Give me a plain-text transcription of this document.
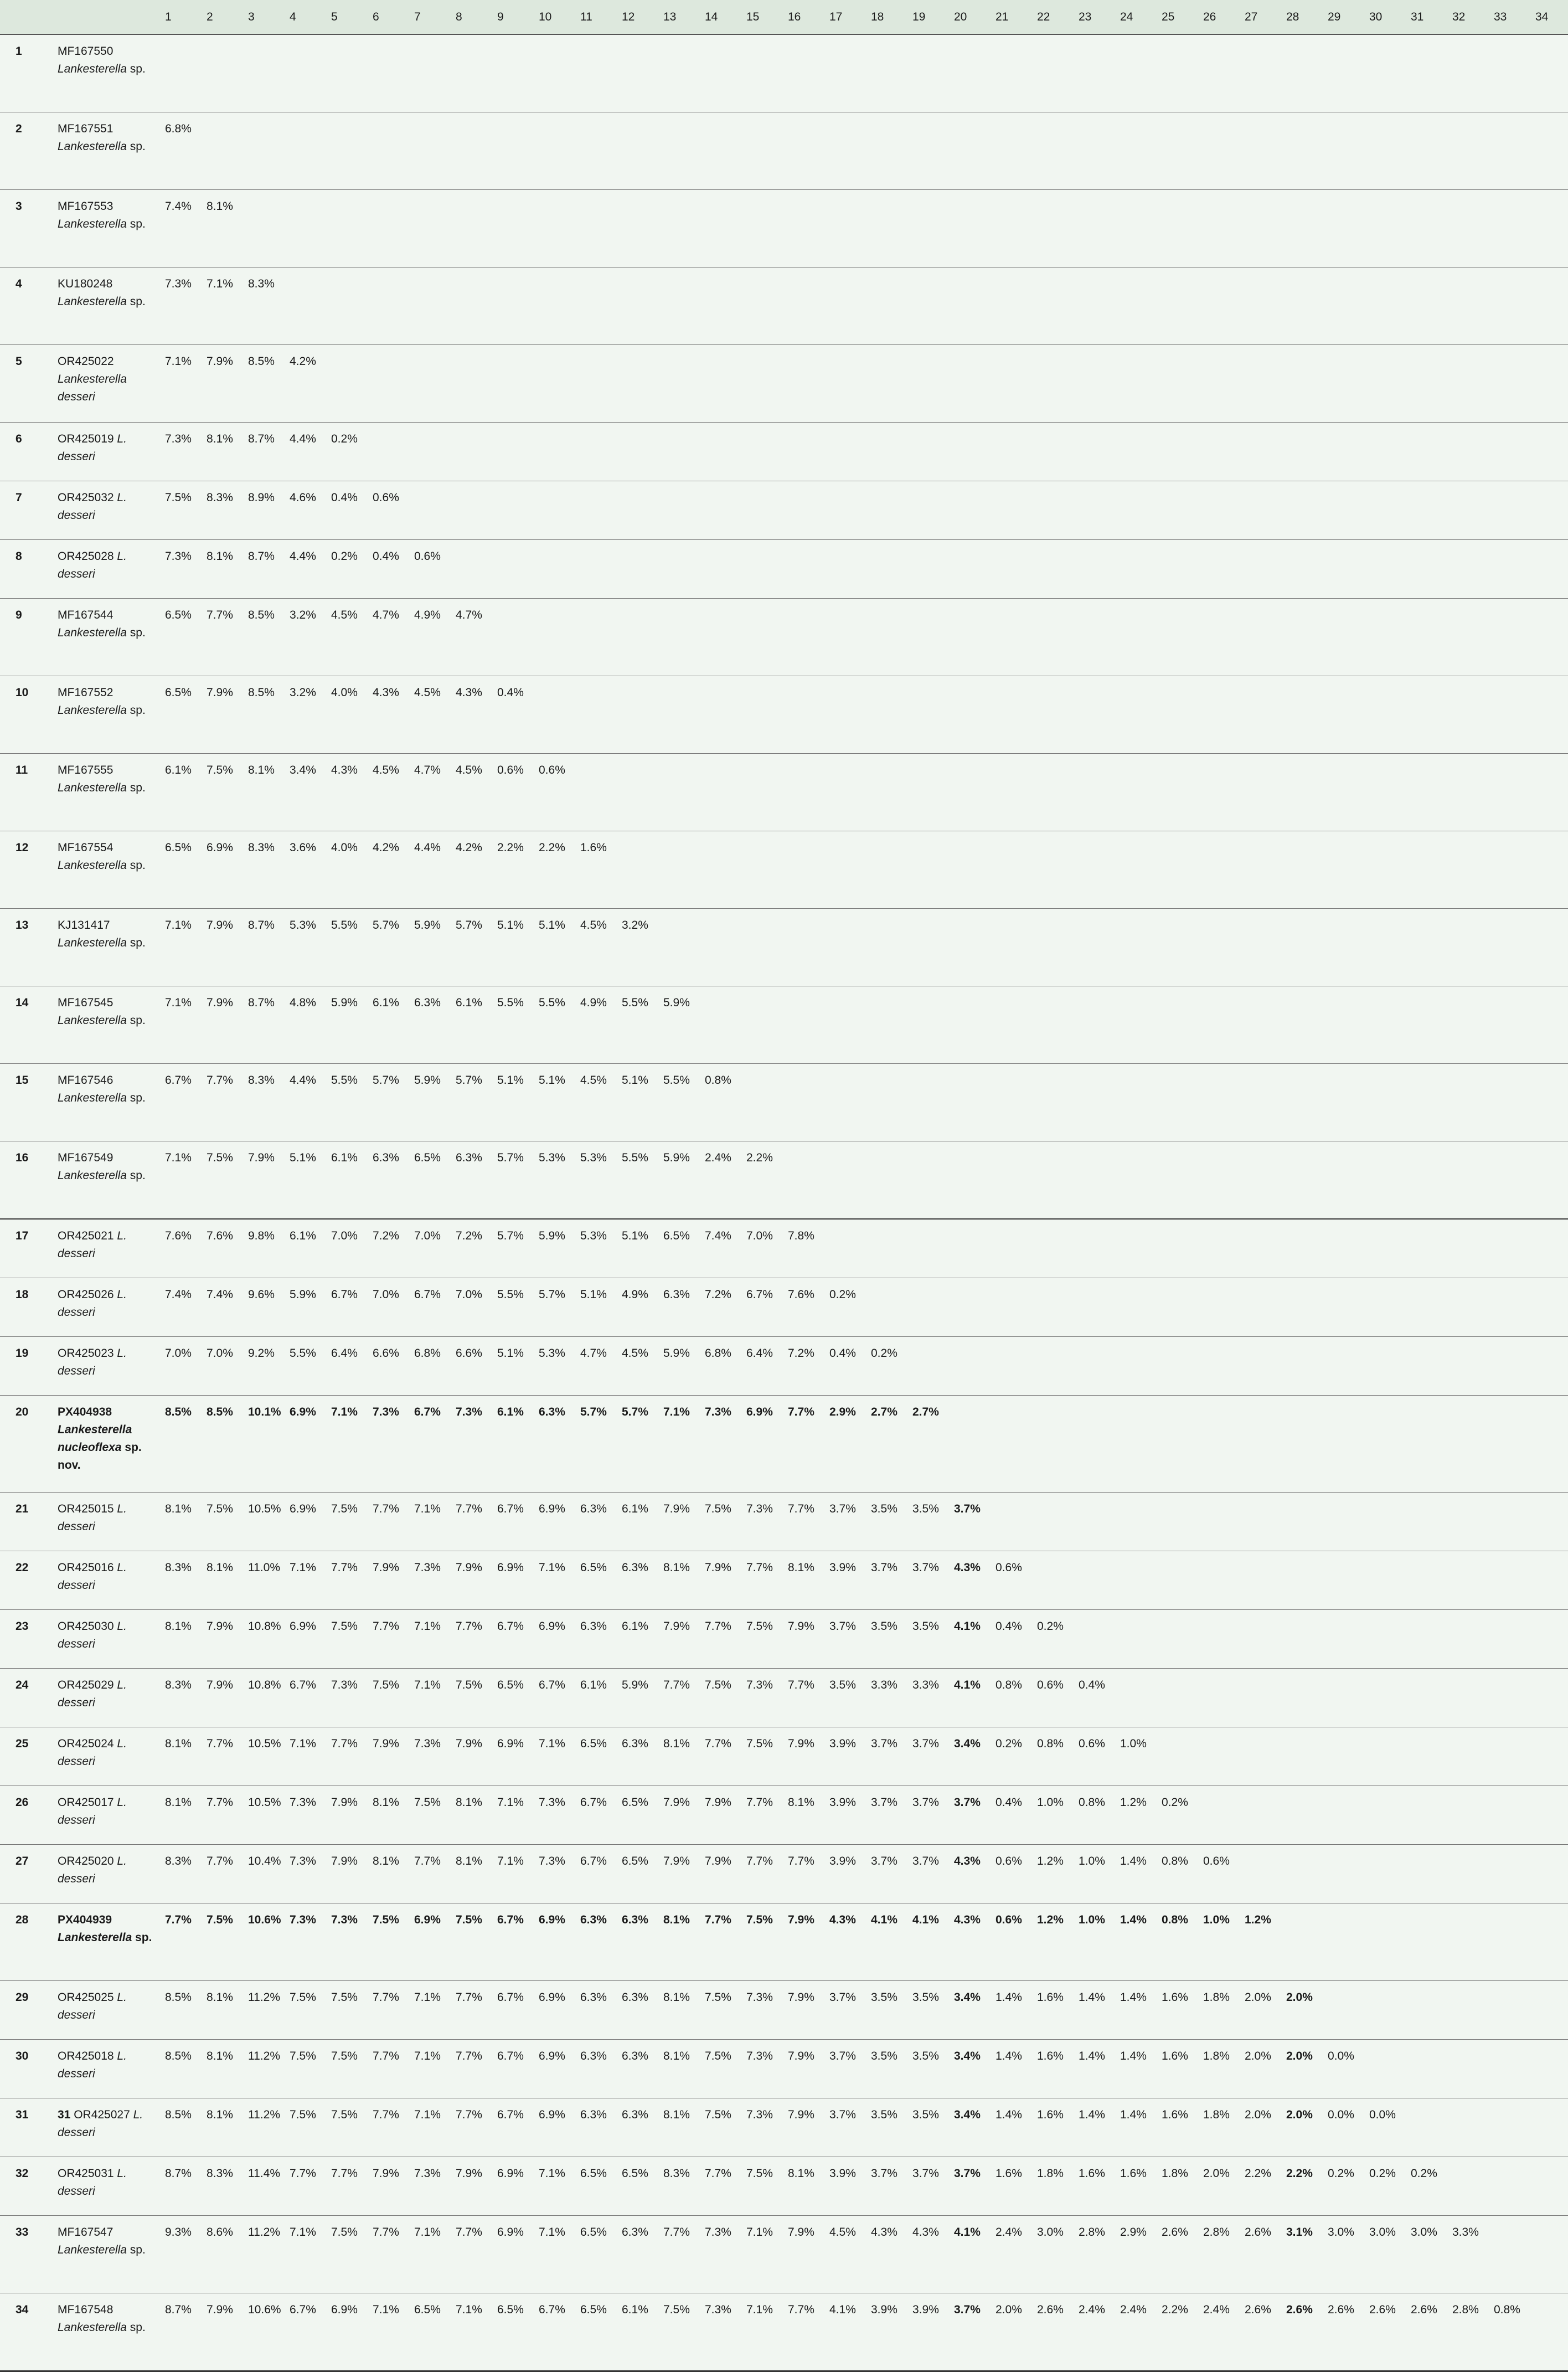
		1	2	3	4	5	6	7	8	9	10	11	12	13	14	15	16	17	18	19	20	21	22	23	24	25	26	27	28	29	30	31	32	33	34
1	MF167550 Lankesterella sp.																																		
2	MF167551 Lankesterella sp.	6.8%																																	
3	MF167553 Lankesterella sp.	7.4%	8.1%																																
4	KU180248 Lankesterella sp.	7.3%	7.1%	8.3%																															
5	OR425022 Lankesterella desseri	7.1%	7.9%	8.5%	4.2%																														
6	OR425019 L. desseri	7.3%	8.1%	8.7%	4.4%	0.2%																													
7	OR425032 L. desseri	7.5%	8.3%	8.9%	4.6%	0.4%	0.6%																												
8	OR425028 L. desseri	7.3%	8.1%	8.7%	4.4%	0.2%	0.4%	0.6%																											
9	MF167544 Lankesterella sp.	6.5%	7.7%	8.5%	3.2%	4.5%	4.7%	4.9%	4.7%																										
10	MF167552 Lankesterella sp.	6.5%	7.9%	8.5%	3.2%	4.0%	4.3%	4.5%	4.3%	0.4%																									
11	MF167555 Lankesterella sp.	6.1%	7.5%	8.1%	3.4%	4.3%	4.5%	4.7%	4.5%	0.6%	0.6%																								
12	MF167554 Lankesterella sp.	6.5%	6.9%	8.3%	3.6%	4.0%	4.2%	4.4%	4.2%	2.2%	2.2%	1.6%																							
13	KJ131417 Lankesterella sp.	7.1%	7.9%	8.7%	5.3%	5.5%	5.7%	5.9%	5.7%	5.1%	5.1%	4.5%	3.2%																						
14	MF167545 Lankesterella sp.	7.1%	7.9%	8.7%	4.8%	5.9%	6.1%	6.3%	6.1%	5.5%	5.5%	4.9%	5.5%	5.9%																					
15	MF167546 Lankesterella sp.	6.7%	7.7%	8.3%	4.4%	5.5%	5.7%	5.9%	5.7%	5.1%	5.1%	4.5%	5.1%	5.5%	0.8%																				
16	MF167549 Lankesterella sp.	7.1%	7.5%	7.9%	5.1%	6.1%	6.3%	6.5%	6.3%	5.7%	5.3%	5.3%	5.5%	5.9%	2.4%	2.2%																			
17	OR425021 L. desseri	7.6%	7.6%	9.8%	6.1%	7.0%	7.2%	7.0%	7.2%	5.7%	5.9%	5.3%	5.1%	6.5%	7.4%	7.0%	7.8%																		
18	OR425026 L. desseri	7.4%	7.4%	9.6%	5.9%	6.7%	7.0%	6.7%	7.0%	5.5%	5.7%	5.1%	4.9%	6.3%	7.2%	6.7%	7.6%	0.2%																	
19	OR425023 L. desseri	7.0%	7.0%	9.2%	5.5%	6.4%	6.6%	6.8%	6.6%	5.1%	5.3%	4.7%	4.5%	5.9%	6.8%	6.4%	7.2%	0.4%	0.2%																
20	PX404938 Lankesterella nucleoflexa sp. nov.	8.5%	8.5%	10.1%	6.9%	7.1%	7.3%	6.7%	7.3%	6.1%	6.3%	5.7%	5.7%	7.1%	7.3%	6.9%	7.7%	2.9%	2.7%	2.7%															
21	OR425015 L. desseri	8.1%	7.5%	10.5%	6.9%	7.5%	7.7%	7.1%	7.7%	6.7%	6.9%	6.3%	6.1%	7.9%	7.5%	7.3%	7.7%	3.7%	3.5%	3.5%	3.7%														
22	OR425016 L. desseri	8.3%	8.1%	11.0%	7.1%	7.7%	7.9%	7.3%	7.9%	6.9%	7.1%	6.5%	6.3%	8.1%	7.9%	7.7%	8.1%	3.9%	3.7%	3.7%	4.3%	0.6%													
23	OR425030 L. desseri	8.1%	7.9%	10.8%	6.9%	7.5%	7.7%	7.1%	7.7%	6.7%	6.9%	6.3%	6.1%	7.9%	7.7%	7.5%	7.9%	3.7%	3.5%	3.5%	4.1%	0.4%	0.2%												
24	OR425029 L. desseri	8.3%	7.9%	10.8%	6.7%	7.3%	7.5%	7.1%	7.5%	6.5%	6.7%	6.1%	5.9%	7.7%	7.5%	7.3%	7.7%	3.5%	3.3%	3.3%	4.1%	0.8%	0.6%	0.4%											
25	OR425024 L. desseri	8.1%	7.7%	10.5%	7.1%	7.7%	7.9%	7.3%	7.9%	6.9%	7.1%	6.5%	6.3%	8.1%	7.7%	7.5%	7.9%	3.9%	3.7%	3.7%	3.4%	0.2%	0.8%	0.6%	1.0%										
26	OR425017 L. desseri	8.1%	7.7%	10.5%	7.3%	7.9%	8.1%	7.5%	8.1%	7.1%	7.3%	6.7%	6.5%	7.9%	7.9%	7.7%	8.1%	3.9%	3.7%	3.7%	3.7%	0.4%	1.0%	0.8%	1.2%	0.2%									
27	OR425020 L. desseri	8.3%	7.7%	10.4%	7.3%	7.9%	8.1%	7.7%	8.1%	7.1%	7.3%	6.7%	6.5%	7.9%	7.9%	7.7%	7.7%	3.9%	3.7%	3.7%	4.3%	0.6%	1.2%	1.0%	1.4%	0.8%	0.6%								
28	PX404939 Lankesterella sp.	7.7%	7.5%	10.6%	7.3%	7.3%	7.5%	6.9%	7.5%	6.7%	6.9%	6.3%	6.3%	8.1%	7.7%	7.5%	7.9%	4.3%	4.1%	4.1%	4.3%	0.6%	1.2%	1.0%	1.4%	0.8%	1.0%	1.2%							
29	OR425025 L. desseri	8.5%	8.1%	11.2%	7.5%	7.5%	7.7%	7.1%	7.7%	6.7%	6.9%	6.3%	6.3%	8.1%	7.5%	7.3%	7.9%	3.7%	3.5%	3.5%	3.4%	1.4%	1.6%	1.4%	1.4%	1.6%	1.8%	2.0%	2.0%						
30	OR425018 L. desseri	8.5%	8.1%	11.2%	7.5%	7.5%	7.7%	7.1%	7.7%	6.7%	6.9%	6.3%	6.3%	8.1%	7.5%	7.3%	7.9%	3.7%	3.5%	3.5%	3.4%	1.4%	1.6%	1.4%	1.4%	1.6%	1.8%	2.0%	2.0%	0.0%					
31	31 OR425027 L. desseri	8.5%	8.1%	11.2%	7.5%	7.5%	7.7%	7.1%	7.7%	6.7%	6.9%	6.3%	6.3%	8.1%	7.5%	7.3%	7.9%	3.7%	3.5%	3.5%	3.4%	1.4%	1.6%	1.4%	1.4%	1.6%	1.8%	2.0%	2.0%	0.0%	0.0%				
32	OR425031 L. desseri	8.7%	8.3%	11.4%	7.7%	7.7%	7.9%	7.3%	7.9%	6.9%	7.1%	6.5%	6.5%	8.3%	7.7%	7.5%	8.1%	3.9%	3.7%	3.7%	3.7%	1.6%	1.8%	1.6%	1.6%	1.8%	2.0%	2.2%	2.2%	0.2%	0.2%	0.2%			
33	MF167547 Lankesterella sp.	9.3%	8.6%	11.2%	7.1%	7.5%	7.7%	7.1%	7.7%	6.9%	7.1%	6.5%	6.3%	7.7%	7.3%	7.1%	7.9%	4.5%	4.3%	4.3%	4.1%	2.4%	3.0%	2.8%	2.9%	2.6%	2.8%	2.6%	3.1%	3.0%	3.0%	3.0%	3.3%		
34	MF167548 Lankesterella sp.	8.7%	7.9%	10.6%	6.7%	6.9%	7.1%	6.5%	7.1%	6.5%	6.7%	6.5%	6.1%	7.5%	7.3%	7.1%	7.7%	4.1%	3.9%	3.9%	3.7%	2.0%	2.6%	2.4%	2.4%	2.2%	2.4%	2.6%	2.6%	2.6%	2.6%	2.6%	2.8%	0.8%	
